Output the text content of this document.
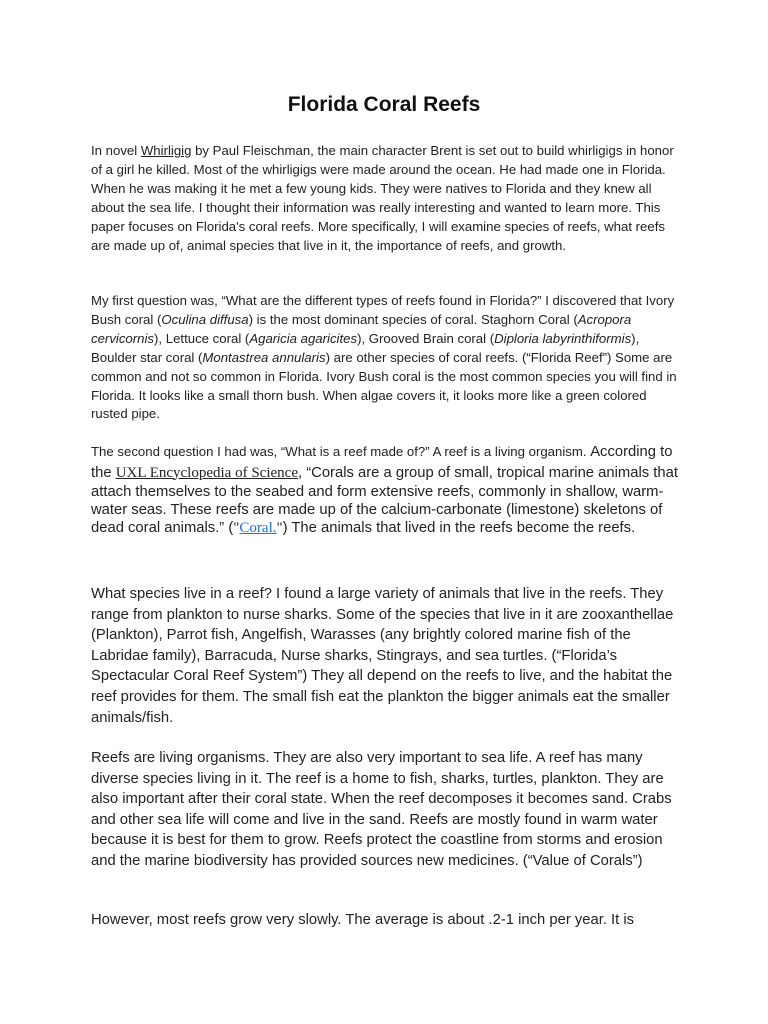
Florida Coral Reefs

In novel Whirligig by Paul Fleischman, the main character Brent is set out to build whirligigs in honor of a girl he killed. Most of the whirligigs were made around the ocean. He had made one in Florida. When he was making it he met a few young kids. They were natives to Florida and they knew all about the sea life. I thought their information was really interesting and wanted to learn more. This paper focuses on Florida's coral reefs. More specifically, I will examine species of reefs, what reefs are made up of, animal species that live in it, the importance of reefs, and growth.

My first question was, “What are the different types of reefs found in Florida?” I discovered that Ivory Bush coral (Oculina diffusa) is the most dominant species of coral. Staghorn Coral (Acropora cervicornis), Lettuce coral (Agaricia agaricites), Grooved Brain coral (Diploria labyrinthiformis), Boulder star coral (Montastrea annularis) are other species of coral reefs. (“Florida Reef”) Some are common and not so common in Florida. Ivory Bush coral is the most common species you will find in Florida. It looks like a small thorn bush. When algae covers it, it looks more like a green colored rusted pipe.

The second question I had was, “What is a reef made of?” A reef is a living organism. According to the UXL Encyclopedia of Science, “Corals are a group of small, tropical marine animals that attach themselves to the seabed and form extensive reefs, commonly in shallow, warm-water seas. These reefs are made up of the calcium-carbonate (limestone) skeletons of dead coral animals.” ("Coral.") The animals that lived in the reefs become the reefs.

What species live in a reef? I found a large variety of animals that live in the reefs. They range from plankton to nurse sharks. Some of the species that live in it are zooxanthellae (Plankton), Parrot fish, Angelfish, Warasses (any brightly colored marine fish of the Labridae family), Barracuda, Nurse sharks, Stingrays, and sea turtles. (“Florida’s Spectacular Coral Reef System”) They all depend on the reefs to live, and the habitat the reef provides for them. The small fish eat the plankton the bigger animals eat the smaller animals/fish.

Reefs are living organisms. They are also very important to sea life. A reef has many diverse species living in it. The reef is a home to fish, sharks, turtles, plankton. They are also important after their coral state. When the reef decomposes it becomes sand. Crabs and other sea life will come and live in the sand. Reefs are mostly found in warm water because it is best for them to grow. Reefs protect the coastline from storms and erosion and the marine biodiversity has provided sources new medicines. (“Value of Corals”)

However, most reefs grow very slowly. The average is about .2-1 inch per year. It is
